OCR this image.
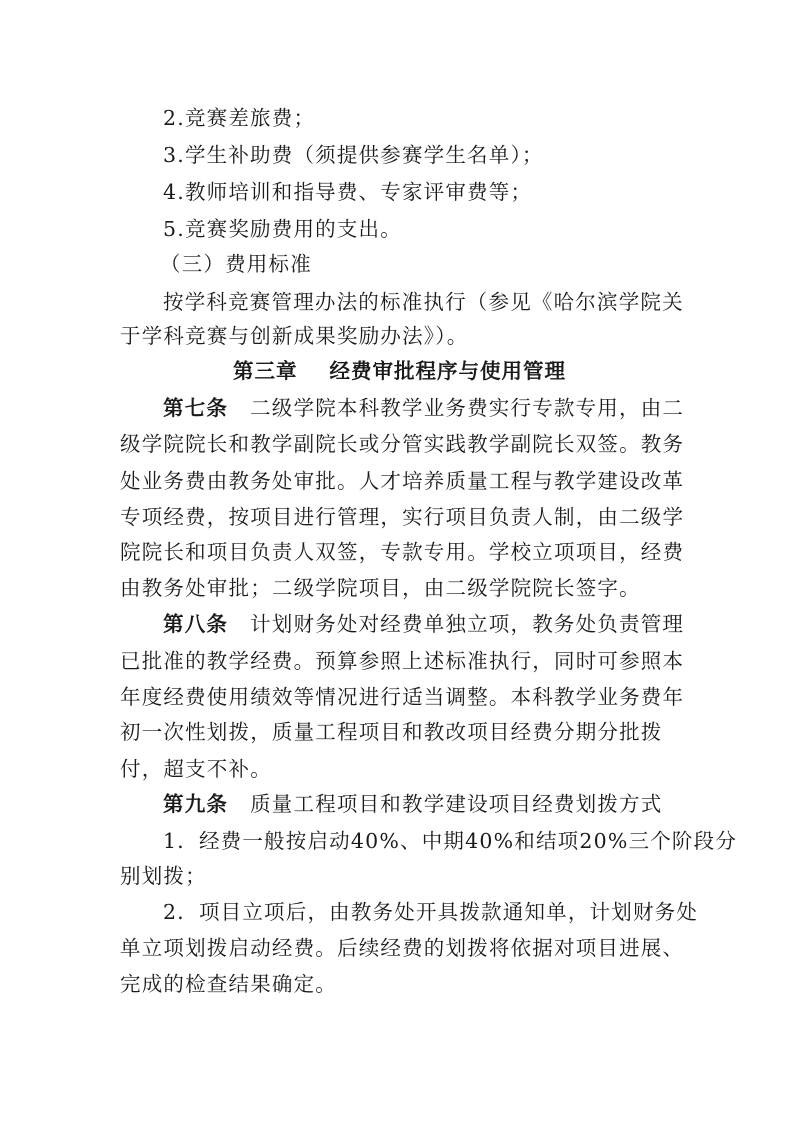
2.竞赛差旅费；
3.学生补助费（须提供参赛学生名单）；
4.教师培训和指导费、专家评审费等；
5.竞赛奖励费用的支出。
（三）费用标准
按学科竞赛管理办法的标准执行（参见《哈尔滨学院关
于学科竞赛与创新成果奖励办法》）。
第三章 经费审批程序与使用管理
第七条 二级学院本科教学业务费实行专款专用，由二
级学院院长和教学副院长或分管实践教学副院长双签。教务
处业务费由教务处审批。人才培养质量工程与教学建设改革
专项经费，按项目进行管理，实行项目负责人制，由二级学
院院长和项目负责人双签，专款专用。学校立项项目，经费
由教务处审批；二级学院项目，由二级学院院长签字。
第八条 计划财务处对经费单独立项，教务处负责管理
已批准的教学经费。预算参照上述标准执行，同时可参照本
年度经费使用绩效等情况进行适当调整。本科教学业务费年
初一次性划拨，质量工程项目和教改项目经费分期分批拨
付，超支不补。
第九条 质量工程项目和教学建设项目经费划拨方式
1．经费一般按启动40%、中期40%和结项20%三个阶段分
别划拨；
2．项目立项后，由教务处开具拨款通知单，计划财务处
单立项划拨启动经费。后续经费的划拨将依据对项目进展、
完成的检查结果确定。
